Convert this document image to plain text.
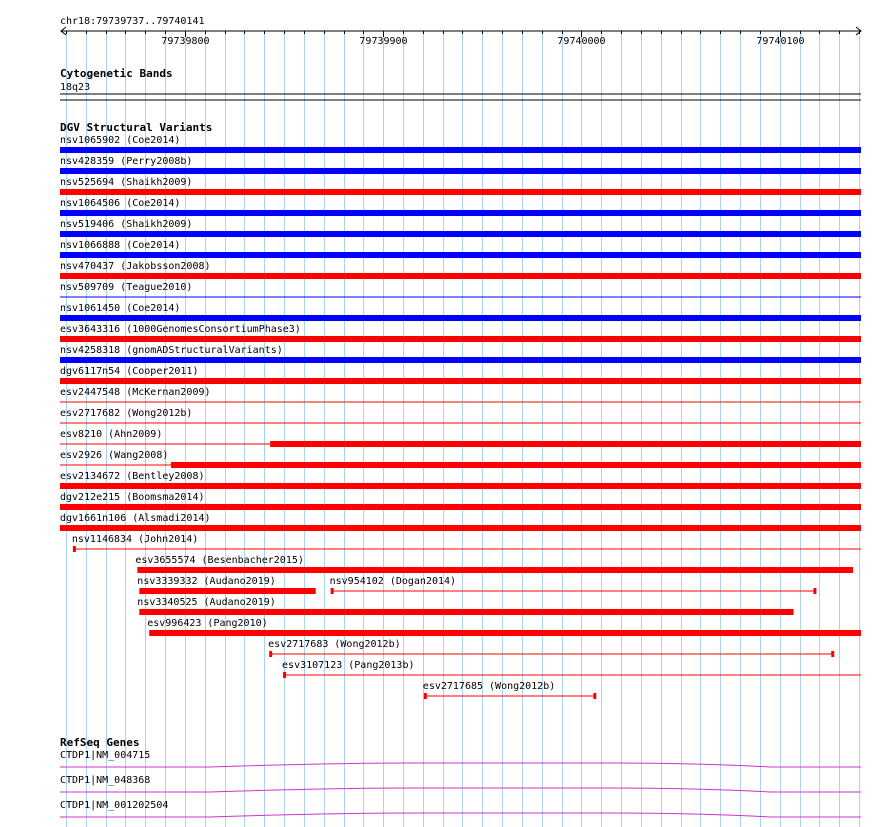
chr18:79739737..79740141
79739800	79739900	79740000	79740100
Cytogenetic Bands
18q23
DGV Structural Variants
nsv1065902 (Coe2014)
nsv428359 (Perry2008b)
nsv525694 (Shaikh2009)
nsv1064506 (Coe2014)
nsv519406 (Shaikh2009)
nsv1066888 (Coe2014)
nsv470437 (Jakobsson2008)
nsv509709 (Teague2010)
nsv1061450 (Coe2014)
esv3643316 (1000GenomesConsortiumPhase3)
nsv4258318 (gnomADStructuralVariants)
dgv6117n54 (Cooper2011)
esv2447548 (McKernan2009)
esv2717682 (Wong2012b)
esv8210 (Ahn2009)
esv2926 (Wang2008)
esv2134672 (Bentley2008)
dgv212e215 (Boomsma2014)
dgv1661n106 (Alsmadi2014)
nsv1146834 (John2014)
esv3655574 (Besenbacher2015)
nsv3339332 (Audano2019)	nsv954102 (Dogan2014)
nsv3340525 (Audano2019)
esv996423 (Pang2010)
esv2717683 (Wong2012b)
esv3107123 (Pang2013b)
esv2717685 (Wong2012b)
RefSeq Genes
CTDP1|NM_004715
CTDP1|NM_048368
CTDP1|NM_001202504
